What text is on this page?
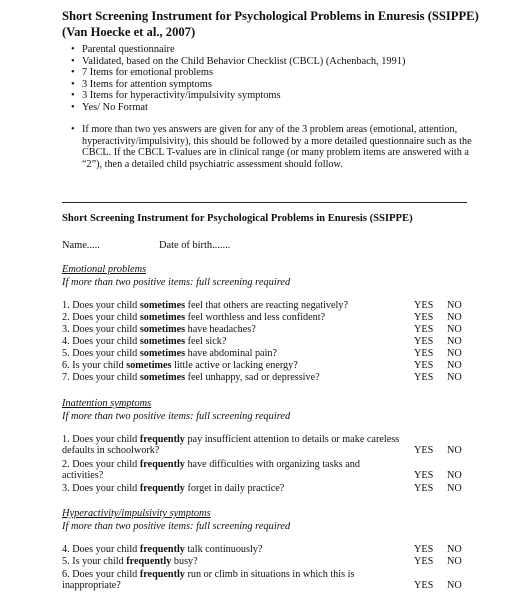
Short Screening Instrument for Psychological Problems in Enuresis (SSIPPE) (Van Hoecke et al., 2007)
• Parental questionnaire
• Validated, based on the Child Behavior Checklist (CBCL) (Achenbach, 1991)
• 7 Items for emotional problems
• 3 Items for attention symptoms
• 3 Items for hyperactivity/impulsivity symptoms
• Yes/ No Format
• If more than two yes answers are given for any of the 3 problem areas (emotional, attention, hyperactivity/impulsivity), this should be followed by a more detailed questionnaire such as the CBCL. If the CBCL T-values are in clinical range (or many problem items are answered with a “2”), then a detailed child psychiatric assessment should follow.
Short Screening Instrument for Psychological Problems in Enuresis (SSIPPE)
Name.....	Date of birth.......
Emotional problems
If more than two positive items: full screening required
1. Does your child sometimes feel that others are reacting negatively?	YES NO
2. Does your child sometimes feel worthless and less confident?	YES NO
3. Does your child sometimes have headaches?	YES NO
4. Does your child sometimes feel sick?	YES NO
5. Does your child sometimes have abdominal pain?	YES NO
6. Is your child sometimes little active or lacking energy?	YES NO
7. Does your child sometimes feel unhappy, sad or depressive?	YES NO
Inattention symptoms
If more than two positive items: full screening required
1. Does your child frequently pay insufficient attention to details or make careless defaults in schoolwork?	YES NO
2. Does your child frequently have difficulties with organizing tasks and activities?	YES NO
3. Does your child frequently forget in daily practice?	YES NO
Hyperactivity/impulsivity symptoms
If more than two positive items: full screening required
4. Does your child frequently talk continuously?	YES NO
5. Is your child frequently busy?	YES NO
6. Does your child frequently run or climb in situations in which this is inappropriate?	YES NO
